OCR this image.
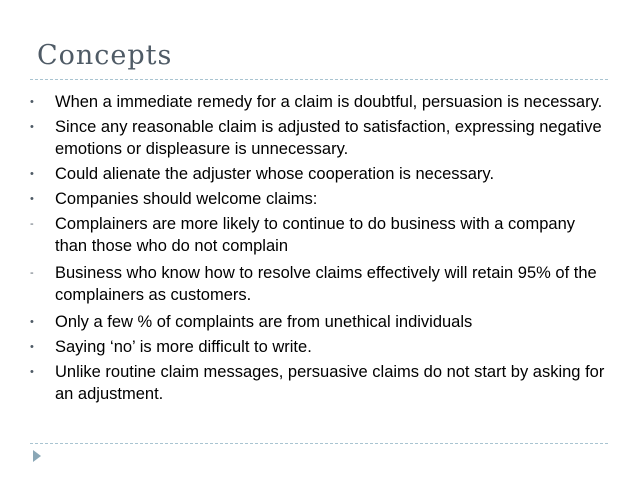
Concepts
•	When a immediate remedy for a claim is doubtful, persuasion is necessary.
•	Since any reasonable claim is adjusted to satisfaction, expressing negative emotions or displeasure is unnecessary.
•	Could alienate the adjuster whose cooperation is necessary.
•	Companies should welcome claims:
-	Complainers are more likely to continue to do business with a company than those who do not complain
-	Business who know how to resolve claims effectively will retain 95% of the complainers as customers.
•	Only a few % of complaints are from unethical individuals
•	Saying ‘no’ is more difficult to write.
•	Unlike routine claim messages, persuasive claims do not start by asking for an adjustment.
